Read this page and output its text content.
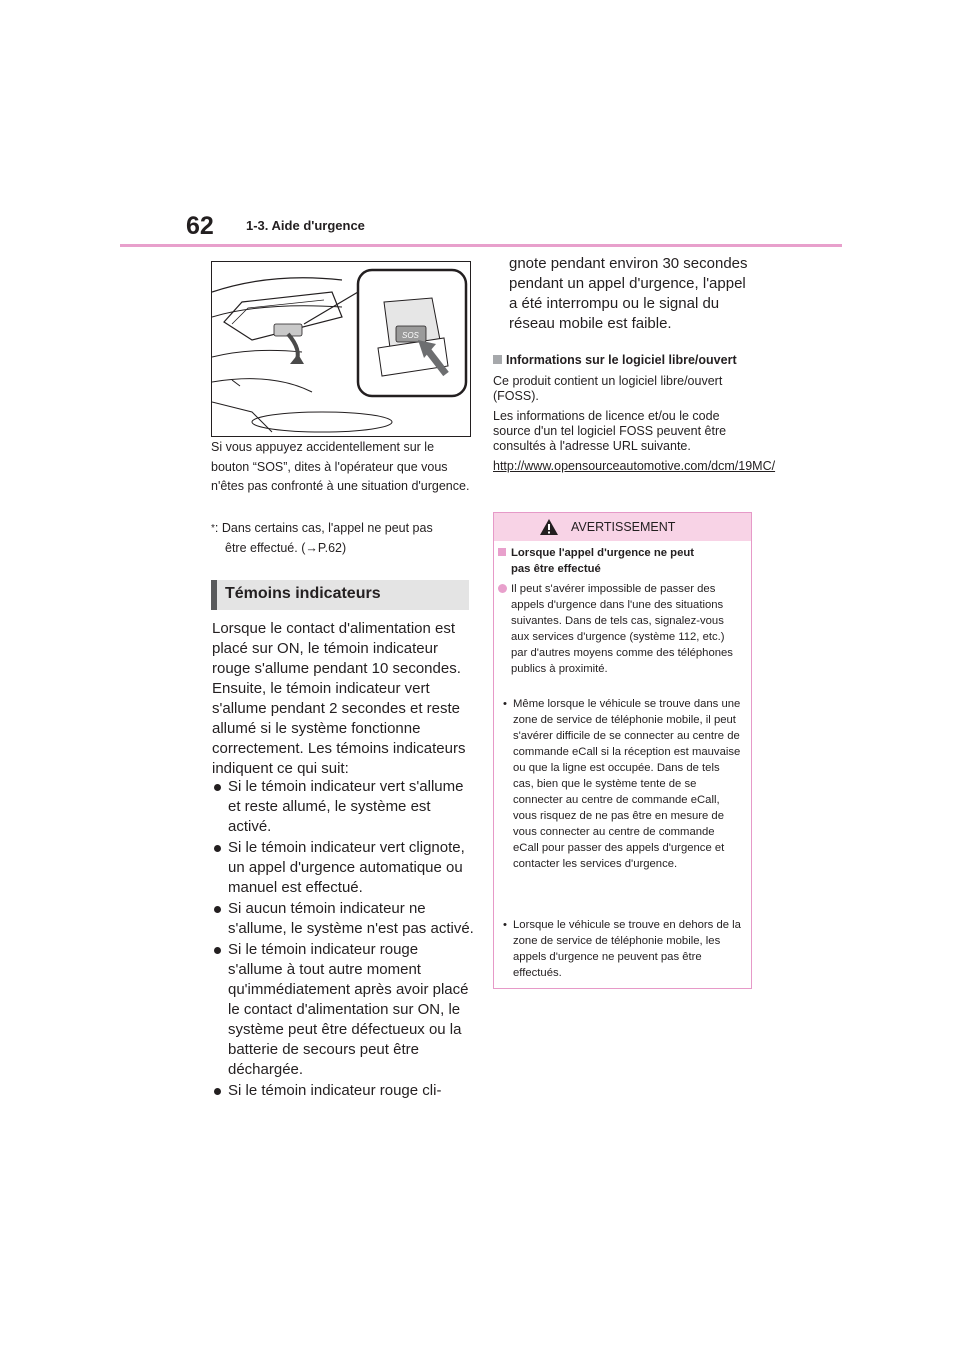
62 1-3. Aide d'urgence
SOS
Si vous appuyez accidentellement sur le bouton “SOS”, dites à l'opérateur que vous n'êtes pas confronté à une situation d'urgence.
*: Dans certains cas, l'appel ne peut pas
être effectué. (→P.62)
Témoins indicateurs
Lorsque le contact d'alimentation est placé sur ON, le témoin indicateur rouge s'allume pendant 10 secondes. Ensuite, le témoin indicateur vert s'allume pendant 2 secondes et reste allumé si le système fonctionne correctement. Les témoins indicateurs indiquent ce qui suit:
Si le témoin indicateur vert s'allume et reste allumé, le système est activé.
Si le témoin indicateur vert clignote, un appel d'urgence automatique ou manuel est effectué.
Si aucun témoin indicateur ne s'allume, le système n'est pas activé.
Si le témoin indicateur rouge s'allume à tout autre moment qu'immédiatement après avoir placé le contact d'alimentation sur ON, le système peut être défectueux ou la batterie de secours peut être déchargée.
Si le témoin indicateur rouge cli-
gnote pendant environ 30 secondes pendant un appel d'urgence, l'appel a été interrompu ou le signal du réseau mobile est faible.
Informations sur le logiciel libre/ouvert
Ce produit contient un logiciel libre/ouvert (FOSS).
Les informations de licence et/ou le code source d'un tel logiciel FOSS peuvent être consultés à l'adresse URL suivante.
http://www.opensourceautomotive.com/dcm/19MC/
AVERTISSEMENT
Lorsque l'appel d'urgence ne peut
pas être effectué
Il peut s'avérer impossible de passer des appels d'urgence dans l'une des situations suivantes. Dans de tels cas, signalez-vous aux services d'urgence (système 112, etc.) par d'autres moyens comme des téléphones publics à proximité.
• Même lorsque le véhicule se trouve dans une zone de service de téléphonie mobile, il peut s'avérer difficile de se connecter au centre de commande eCall si la réception est mauvaise ou que la ligne est occupée. Dans de tels cas, bien que le système tente de se connecter au centre de commande eCall, vous risquez de ne pas être en mesure de vous connecter au centre de commande eCall pour passer des appels d'urgence et contacter les services d'urgence.
• Lorsque le véhicule se trouve en dehors de la zone de service de téléphonie mobile, les appels d'urgence ne peuvent pas être effectués.
